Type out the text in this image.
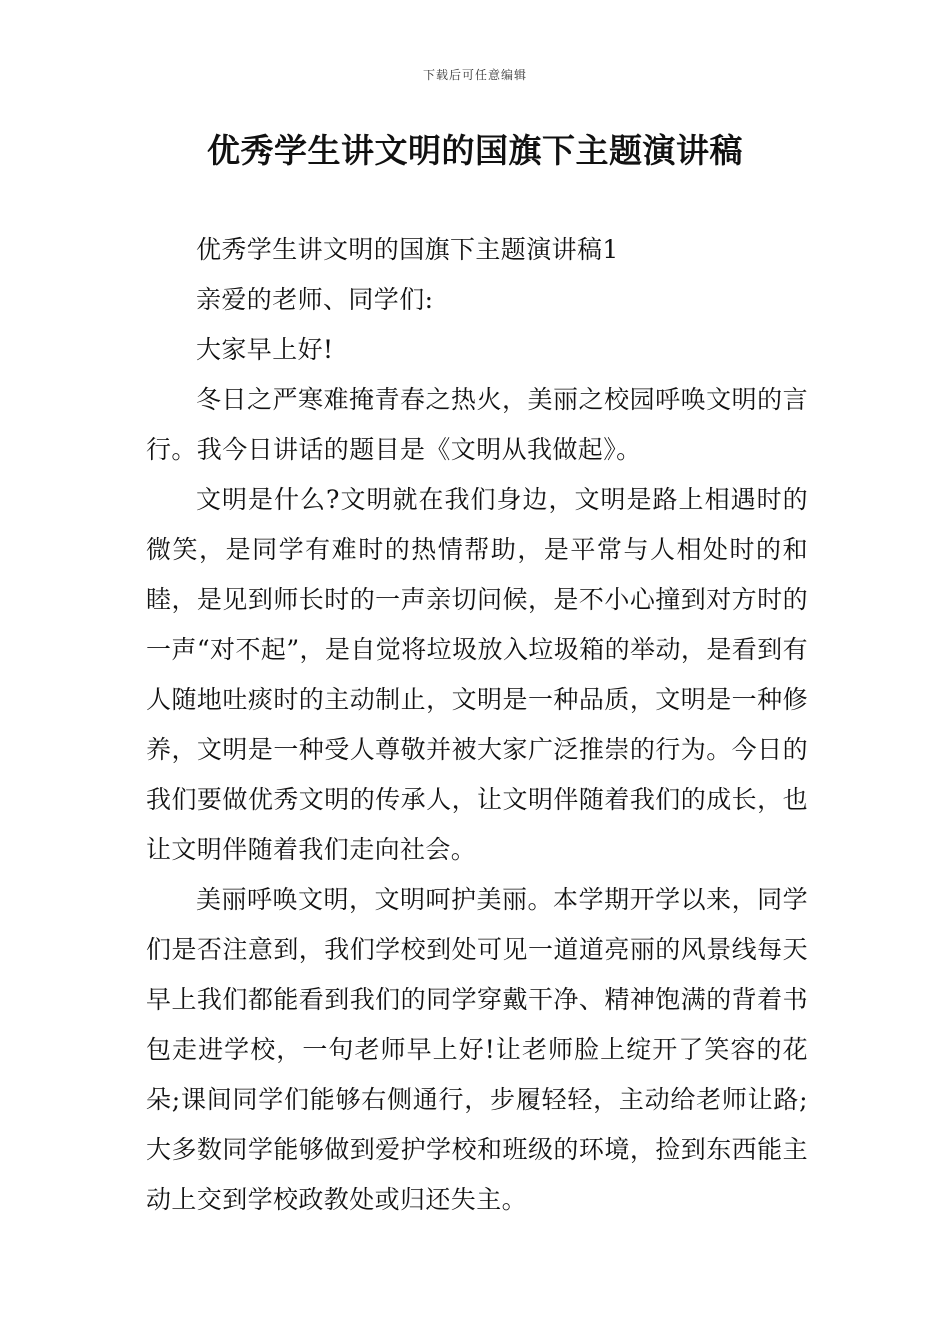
下载后可任意编辑
优秀学生讲文明的国旗下主题演讲稿

优秀学生讲文明的国旗下主题演讲稿1

亲爱的老师、同学们:

大家早上好!

冬日之严寒难掩青春之热火，美丽之校园呼唤文明的言行。我今日讲话的题目是《文明从我做起》。

文明是什么?文明就在我们身边，文明是路上相遇时的微笑，是同学有难时的热情帮助，是平常与人相处时的和睦，是见到师长时的一声亲切问候，是不小心撞到对方时的一声“对不起”，是自觉将垃圾放入垃圾箱的举动，是看到有人随地吐痰时的主动制止，文明是一种品质，文明是一种修养，文明是一种受人尊敬并被大家广泛推崇的行为。今日的我们要做优秀文明的传承人，让文明伴随着我们的成长，也让文明伴随着我们走向社会。

美丽呼唤文明，文明呵护美丽。本学期开学以来，同学们是否注意到，我们学校到处可见一道道亮丽的风景线每天早上我们都能看到我们的同学穿戴干净、精神饱满的背着书包走进学校，一句老师早上好!让老师脸上绽开了笑容的花朵;课间同学们能够右侧通行，步履轻轻，主动给老师让路;大多数同学能够做到爱护学校和班级的环境，捡到东西能主动上交到学校政教处或归还失主。
